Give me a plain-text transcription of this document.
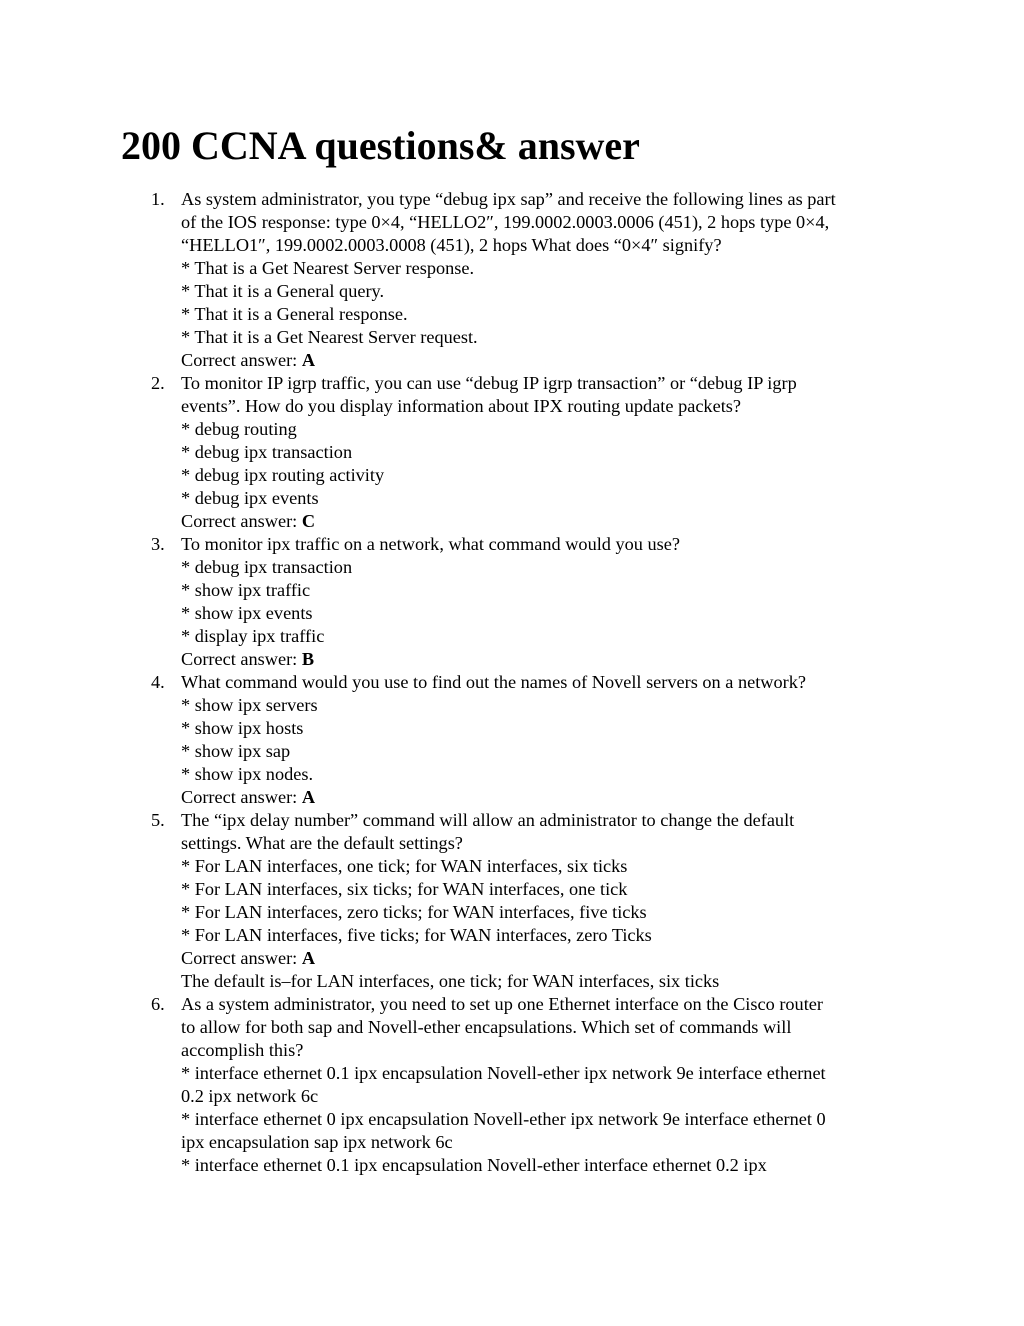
200 CCNA questions& answer
1. As system administrator, you type “debug ipx sap” and receive the following lines as part
of the IOS response: type 0×4, “HELLO2″, 199.0002.0003.0006 (451), 2 hops type 0×4,
“HELLO1″, 199.0002.0003.0008 (451), 2 hops What does “0×4″ signify?
* That is a Get Nearest Server response.
* That it is a General query.
* That it is a General response.
* That it is a Get Nearest Server request.
Correct answer: A
2. To monitor IP igrp traffic, you can use “debug IP igrp transaction” or “debug IP igrp
events”. How do you display information about IPX routing update packets?
* debug routing
* debug ipx transaction
* debug ipx routing activity
* debug ipx events
Correct answer: C
3. To monitor ipx traffic on a network, what command would you use?
* debug ipx transaction
* show ipx traffic
* show ipx events
* display ipx traffic
Correct answer: B
4. What command would you use to find out the names of Novell servers on a network?
* show ipx servers
* show ipx hosts
* show ipx sap
* show ipx nodes.
Correct answer: A
5. The “ipx delay number” command will allow an administrator to change the default
settings. What are the default settings?
* For LAN interfaces, one tick; for WAN interfaces, six ticks
* For LAN interfaces, six ticks; for WAN interfaces, one tick
* For LAN interfaces, zero ticks; for WAN interfaces, five ticks
* For LAN interfaces, five ticks; for WAN interfaces, zero Ticks
Correct answer: A
The default is–for LAN interfaces, one tick; for WAN interfaces, six ticks
6. As a system administrator, you need to set up one Ethernet interface on the Cisco router
to allow for both sap and Novell-ether encapsulations. Which set of commands will
accomplish this?
* interface ethernet 0.1 ipx encapsulation Novell-ether ipx network 9e interface ethernet
0.2 ipx network 6c
* interface ethernet 0 ipx encapsulation Novell-ether ipx network 9e interface ethernet 0
ipx encapsulation sap ipx network 6c
* interface ethernet 0.1 ipx encapsulation Novell-ether interface ethernet 0.2 ipx
